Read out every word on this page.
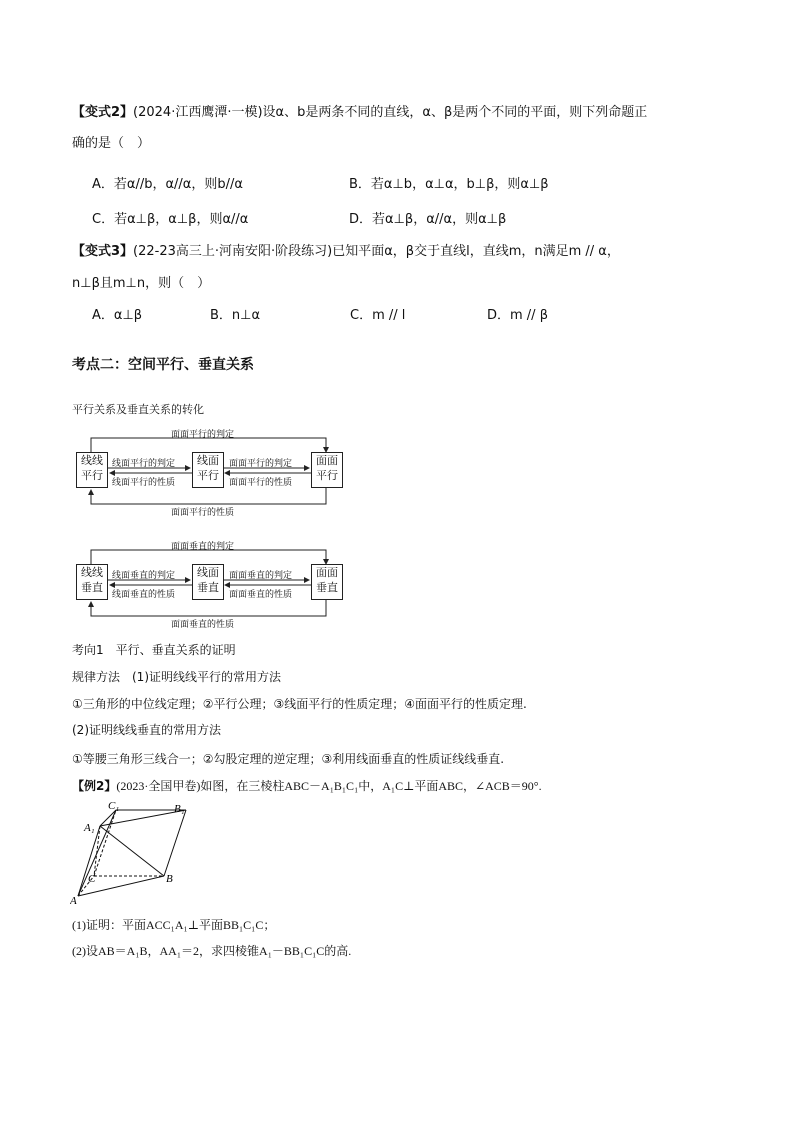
【变式2】(2024·江西鹰潭·一模)设α、b是两条不同的直线，α、β是两个不同的平面，则下列命题正
确的是（　）
A．若α//b，α//α，则b//α	B．若α⊥b，α⊥α，b⊥β，则α⊥β
C．若α⊥β，α⊥β，则α//α	D．若α⊥β，α//α，则α⊥β
【变式3】(22-23高三上·河南安阳·阶段练习)已知平面α，β交于直线l，直线m，n满足m // α，
n⊥β且m⊥n，则（　）
A．α⊥β	B．n⊥α	C．m // l	D．m // β
考点二：空间平行、垂直关系
平行关系及垂直关系的转化
面面平行的判定
面面平行的性质
线线
平行
线面
平行
面面
平行
线面平行的判定
线面平行的性质
面面平行的判定
面面平行的性质
面面垂直的判定
面面垂直的性质
线线
垂直
线面
垂直
面面
垂直
线面垂直的判定
线面垂直的性质
面面垂直的判定
面面垂直的性质
考向1　平行、垂直关系的证明
规律方法　(1)证明线线平行的常用方法
①三角形的中位线定理；②平行公理；③线面平行的性质定理；④面面平行的性质定理.
(2)证明线线垂直的常用方法
①等腰三角形三线合一；②勾股定理的逆定理；③利用线面垂直的性质证线线垂直.
【例2】(2023·全国甲卷)如图，在三棱柱ABC－A₁B₁C₁中，A₁C⊥平面ABC，∠ACB＝90°.
C₁	B₁
A₁
C	B
A
(1)证明：平面ACC₁A₁⊥平面BB₁C₁C；
(2)设AB＝A₁B，AA₁＝2，求四棱锥A₁－BB₁C₁C的高.
